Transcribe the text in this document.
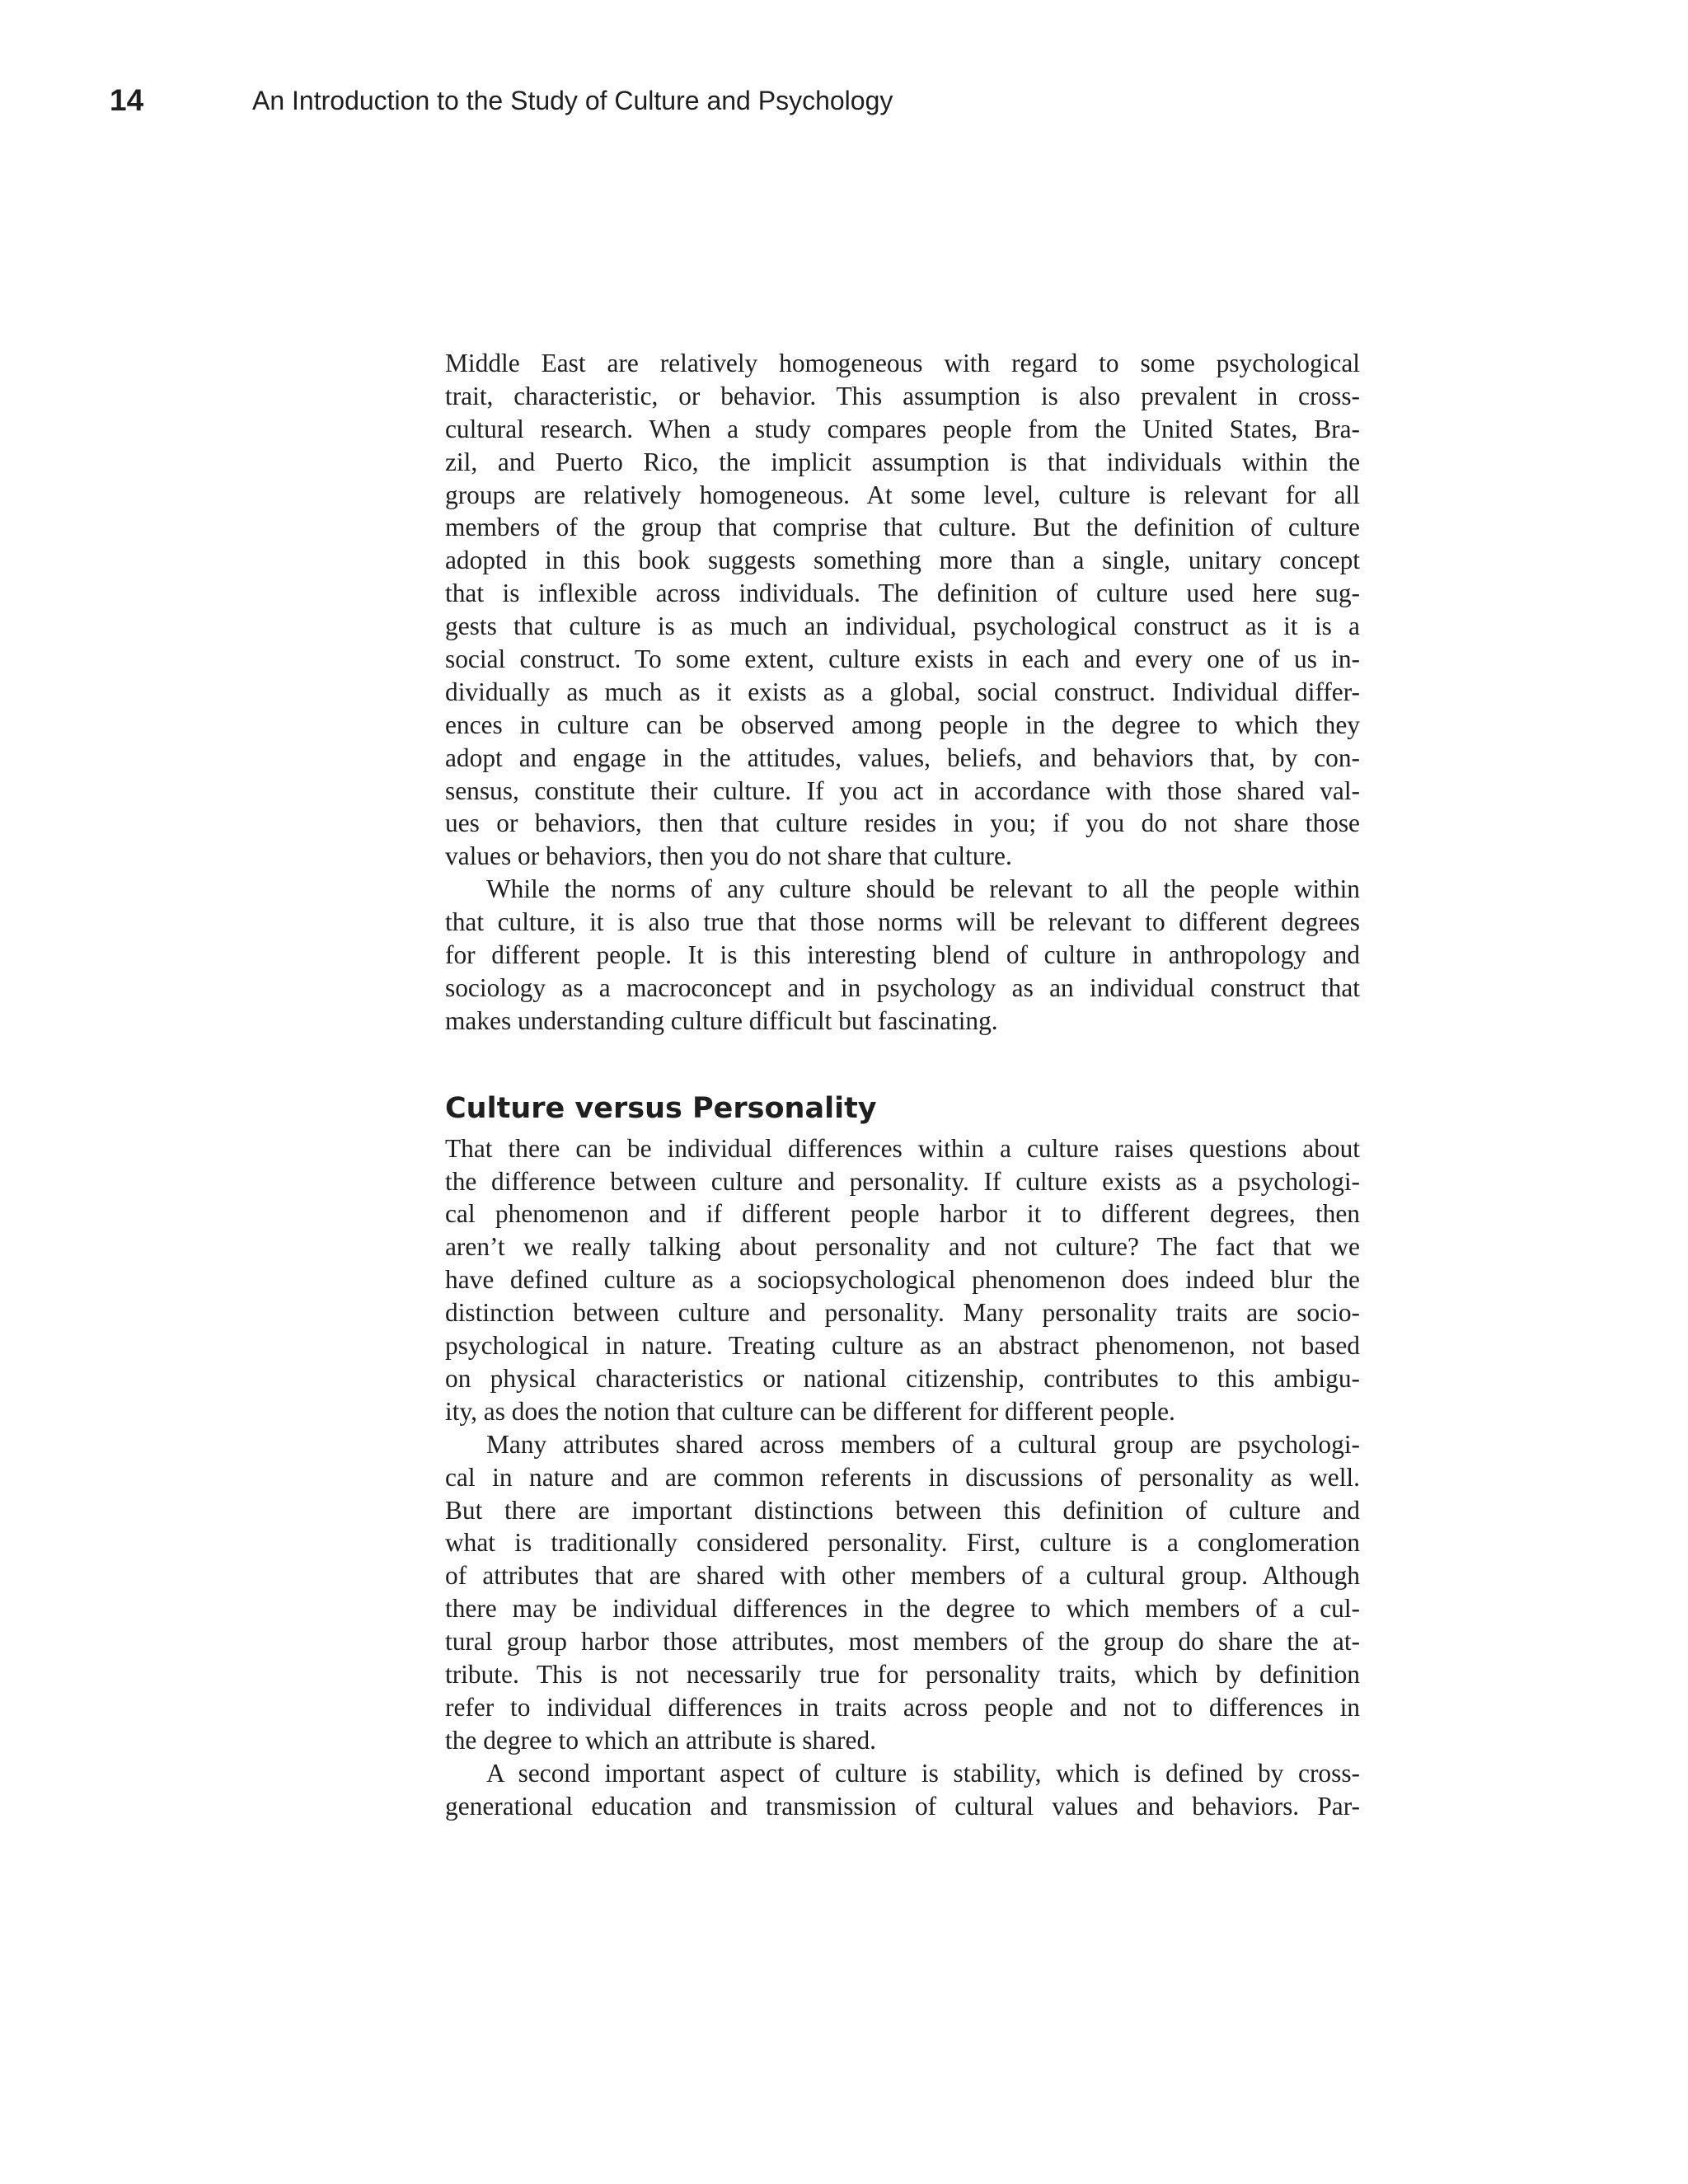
14	An Introduction to the Study of Culture and Psychology
Middle East are relatively homogeneous with regard to some psychological
trait, characteristic, or behavior. This assumption is also prevalent in cross-
cultural research. When a study compares people from the United States, Bra-
zil, and Puerto Rico, the implicit assumption is that individuals within the
groups are relatively homogeneous. At some level, culture is relevant for all
members of the group that comprise that culture. But the definition of culture
adopted in this book suggests something more than a single, unitary concept
that is inflexible across individuals. The definition of culture used here sug-
gests that culture is as much an individual, psychological construct as it is a
social construct. To some extent, culture exists in each and every one of us in-
dividually as much as it exists as a global, social construct. Individual differ-
ences in culture can be observed among people in the degree to which they
adopt and engage in the attitudes, values, beliefs, and behaviors that, by con-
sensus, constitute their culture. If you act in accordance with those shared val-
ues or behaviors, then that culture resides in you; if you do not share those
values or behaviors, then you do not share that culture.
While the norms of any culture should be relevant to all the people within
that culture, it is also true that those norms will be relevant to different degrees
for different people. It is this interesting blend of culture in anthropology and
sociology as a macroconcept and in psychology as an individual construct that
makes understanding culture difficult but fascinating.
Culture versus Personality
That there can be individual differences within a culture raises questions about
the difference between culture and personality. If culture exists as a psychologi-
cal phenomenon and if different people harbor it to different degrees, then
aren’t we really talking about personality and not culture? The fact that we
have defined culture as a sociopsychological phenomenon does indeed blur the
distinction between culture and personality. Many personality traits are socio-
psychological in nature. Treating culture as an abstract phenomenon, not based
on physical characteristics or national citizenship, contributes to this ambigu-
ity, as does the notion that culture can be different for different people.
Many attributes shared across members of a cultural group are psychologi-
cal in nature and are common referents in discussions of personality as well.
But there are important distinctions between this definition of culture and
what is traditionally considered personality. First, culture is a conglomeration
of attributes that are shared with other members of a cultural group. Although
there may be individual differences in the degree to which members of a cul-
tural group harbor those attributes, most members of the group do share the at-
tribute. This is not necessarily true for personality traits, which by definition
refer to individual differences in traits across people and not to differences in
the degree to which an attribute is shared.
A second important aspect of culture is stability, which is defined by cross-
generational education and transmission of cultural values and behaviors. Par-
